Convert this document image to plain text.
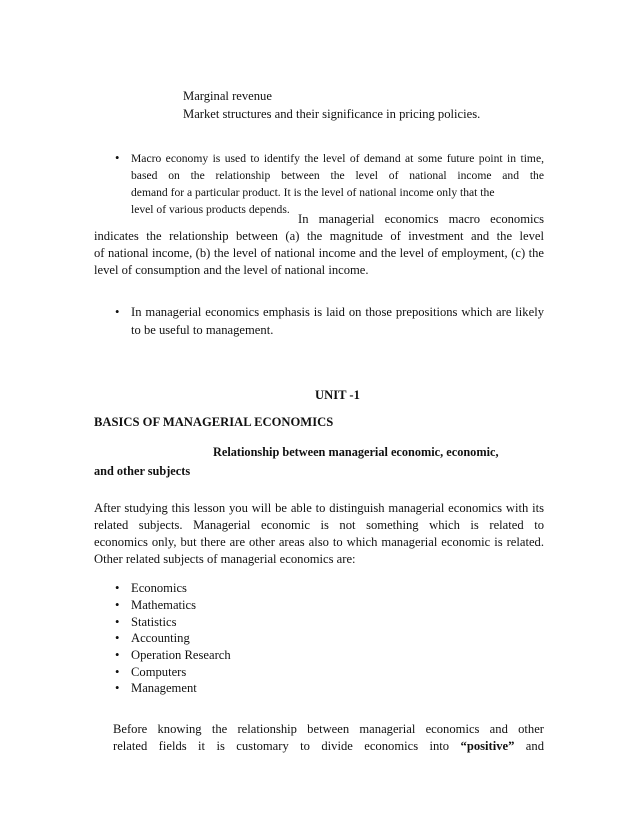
Marginal revenue
Market structures and their significance in pricing policies.
• Macro economy is used to identify the level of demand at some future point in time,
based on the relationship between the level of national income and the
demand for a particular product. It is the level of national income only that the
level of various products depends.
In managerial economics macro economics
indicates the relationship between (a) the magnitude of investment and the level
of national income, (b) the level of national income and the level of employment, (c) the
level of consumption and the level of national income.
• In managerial economics emphasis is laid on those prepositions which are likely
to be useful to management.
UNIT -1
BASICS OF MANAGERIAL ECONOMICS
Relationship between managerial economic, economic,
and other subjects
After studying this lesson you will be able to distinguish managerial economics with its
related subjects. Managerial economic is not something which is related to
economics only, but there are other areas also to which managerial economic is related.
Other related subjects of managerial economics are:
• Economics
• Mathematics
• Statistics
• Accounting
• Operation Research
• Computers
• Management
Before knowing the relationship between managerial economics and other
related fields it is customary to divide economics into “positive” and
